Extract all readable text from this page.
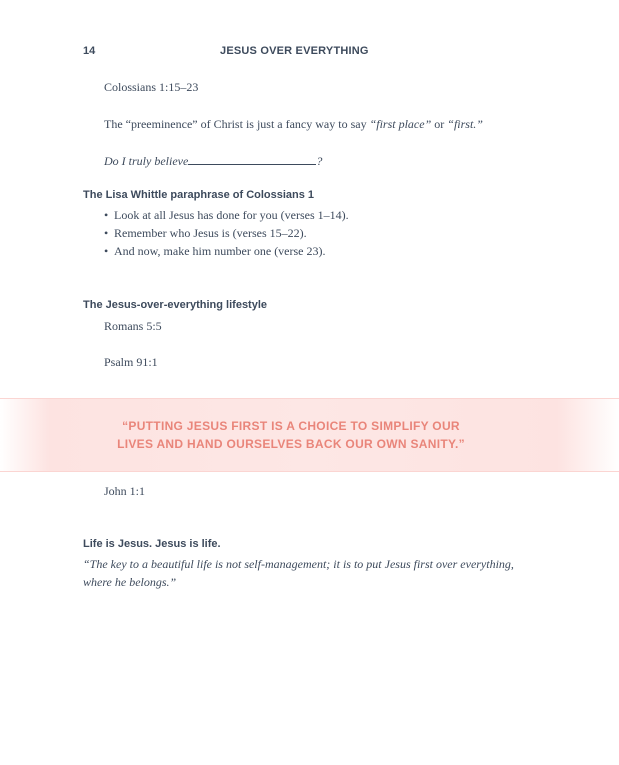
14	JESUS OVER EVERYTHING
Colossians 1:15–23
The “preeminence” of Christ is just a fancy way to say “first place” or “first.”
Do I truly believe	?
The Lisa Whittle paraphrase of Colossians 1
• Look at all Jesus has done for you (verses 1–14).
• Remember who Jesus is (verses 15–22).
• And now, make him number one (verse 23).
The Jesus-over-everything lifestyle
Romans 5:5
Psalm 91:1
“PUTTING JESUS FIRST IS A CHOICE TO SIMPLIFY OUR
LIVES AND HAND OURSELVES BACK OUR OWN SANITY.”
John 1:1
Life is Jesus. Jesus is life.
“The key to a beautiful life is not self-management; it is to put Jesus first over everything,
where he belongs.”
